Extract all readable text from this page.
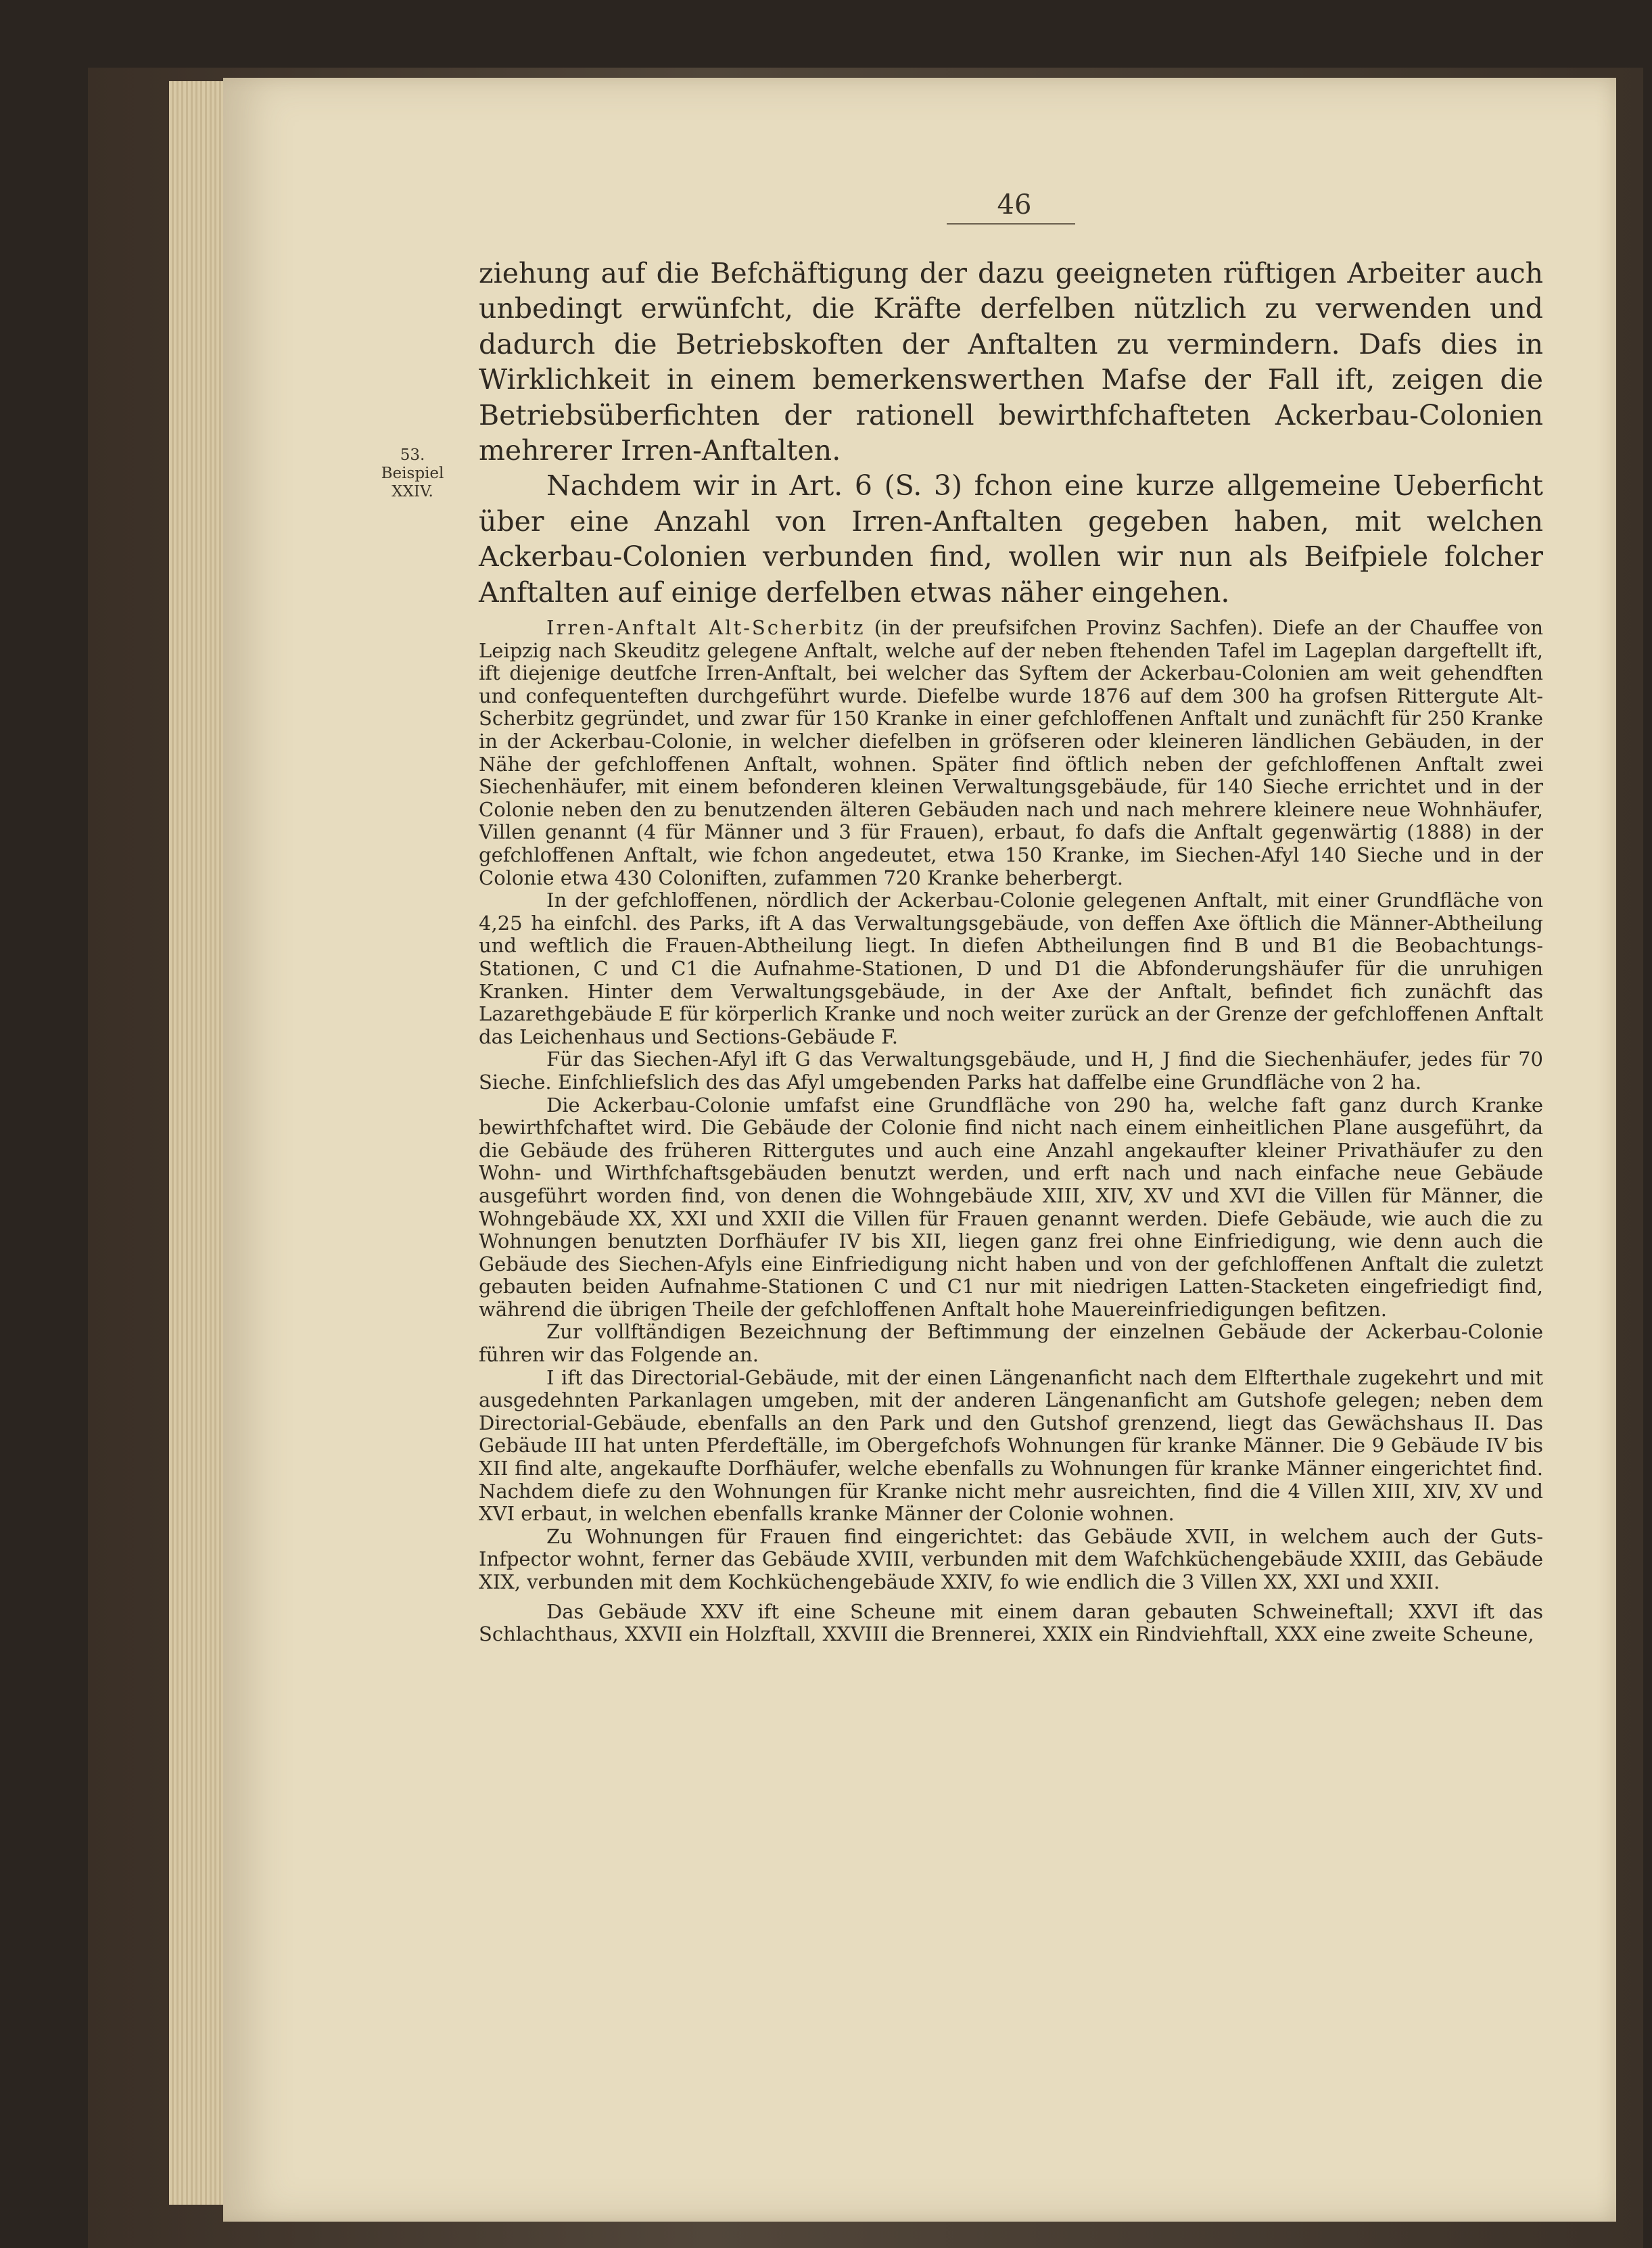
46
53.
Beispiel
XXIV.

ziehung auf die Befchäftigung der dazu geeigneten rüftigen Arbeiter auch unbedingt erwünfcht, die Kräfte derfelben nützlich zu verwenden und dadurch die Betriebskoften der Anftalten zu vermindern. Dafs dies in Wirklichkeit in einem bemerkenswerthen Mafse der Fall ift, zeigen die Betriebsüberfichten der rationell bewirthfchafteten Ackerbau-Colonien mehrerer Irren-Anftalten.

Nachdem wir in Art. 6 (S. 3) fchon eine kurze allgemeine Ueberficht über eine Anzahl von Irren-Anftalten gegeben haben, mit welchen Ackerbau-Colonien verbunden find, wollen wir nun als Beifpiele folcher Anftalten auf einige derfelben etwas näher eingehen.

Irren-Anftalt Alt-Scherbitz (in der preufsifchen Provinz Sachfen). Diefe an der Chauffee von Leipzig nach Skeuditz gelegene Anftalt, welche auf der neben ftehenden Tafel im Lageplan dargeftellt ift, ift diejenige deutfche Irren-Anftalt, bei welcher das Syftem der Ackerbau-Colonien am weit gehendften und confequenteften durchgeführt wurde. Diefelbe wurde 1876 auf dem 300 ha grofsen Rittergute Alt-Scherbitz gegründet, und zwar für 150 Kranke in einer gefchloffenen Anftalt und zunächft für 250 Kranke in der Ackerbau-Colonie, in welcher diefelben in gröfseren oder kleineren ländlichen Gebäuden, in der Nähe der gefchloffenen Anftalt, wohnen. Später find öftlich neben der gefchloffenen Anftalt zwei Siechenhäufer, mit einem befonderen kleinen Verwaltungsgebäude, für 140 Sieche errichtet und in der Colonie neben den zu benutzenden älteren Gebäuden nach und nach mehrere kleinere neue Wohnhäufer, Villen genannt (4 für Männer und 3 für Frauen), erbaut, fo dafs die Anftalt gegenwärtig (1888) in der gefchloffenen Anftalt, wie fchon angedeutet, etwa 150 Kranke, im Siechen-Afyl 140 Sieche und in der Colonie etwa 430 Coloniften, zufammen 720 Kranke beherbergt.

In der gefchloffenen, nördlich der Ackerbau-Colonie gelegenen Anftalt, mit einer Grundfläche von 4,25 ha einfchl. des Parks, ift A das Verwaltungsgebäude, von deffen Axe öftlich die Männer-Abtheilung und weftlich die Frauen-Abtheilung liegt. In diefen Abtheilungen find B und B1 die Beobachtungs-Stationen, C und C1 die Aufnahme-Stationen, D und D1 die Abfonderungshäufer für die unruhigen Kranken. Hinter dem Verwaltungsgebäude, in der Axe der Anftalt, befindet fich zunächft das Lazarethgebäude E für körperlich Kranke und noch weiter zurück an der Grenze der gefchloffenen Anftalt das Leichenhaus und Sections-Gebäude F.

Für das Siechen-Afyl ift G das Verwaltungsgebäude, und H, J find die Siechenhäufer, jedes für 70 Sieche. Einfchliefslich des das Afyl umgebenden Parks hat daffelbe eine Grundfläche von 2 ha.

Die Ackerbau-Colonie umfafst eine Grundfläche von 290 ha, welche faft ganz durch Kranke bewirthfchaftet wird. Die Gebäude der Colonie find nicht nach einem einheitlichen Plane ausgeführt, da die Gebäude des früheren Rittergutes und auch eine Anzahl angekaufter kleiner Privathäufer zu den Wohn- und Wirthfchaftsgebäuden benutzt werden, und erft nach und nach einfache neue Gebäude ausgeführt worden find, von denen die Wohngebäude XIII, XIV, XV und XVI die Villen für Männer, die Wohngebäude XX, XXI und XXII die Villen für Frauen genannt werden. Diefe Gebäude, wie auch die zu Wohnungen benutzten Dorfhäufer IV bis XII, liegen ganz frei ohne Einfriedigung, wie denn auch die Gebäude des Siechen-Afyls eine Einfriedigung nicht haben und von der gefchloffenen Anftalt die zuletzt gebauten beiden Aufnahme-Stationen C und C1 nur mit niedrigen Latten-Stacketen eingefriedigt find, während die übrigen Theile der gefchloffenen Anftalt hohe Mauereinfriedigungen befitzen.

Zur vollftändigen Bezeichnung der Beftimmung der einzelnen Gebäude der Ackerbau-Colonie führen wir das Folgende an.

I ift das Directorial-Gebäude, mit der einen Längenanficht nach dem Elfterthale zugekehrt und mit ausgedehnten Parkanlagen umgeben, mit der anderen Längenanficht am Gutshofe gelegen; neben dem Directorial-Gebäude, ebenfalls an den Park und den Gutshof grenzend, liegt das Gewächshaus II. Das Gebäude III hat unten Pferdeftälle, im Obergefchofs Wohnungen für kranke Männer. Die 9 Gebäude IV bis XII find alte, angekaufte Dorfhäufer, welche ebenfalls zu Wohnungen für kranke Männer eingerichtet find. Nachdem diefe zu den Wohnungen für Kranke nicht mehr ausreichten, find die 4 Villen XIII, XIV, XV und XVI erbaut, in welchen ebenfalls kranke Männer der Colonie wohnen.

Zu Wohnungen für Frauen find eingerichtet: das Gebäude XVII, in welchem auch der Guts-Infpector wohnt, ferner das Gebäude XVIII, verbunden mit dem Wafchküchengebäude XXIII, das Gebäude XIX, verbunden mit dem Kochküchengebäude XXIV, fo wie endlich die 3 Villen XX, XXI und XXII.

Das Gebäude XXV ift eine Scheune mit einem daran gebauten Schweineftall; XXVI ift das Schlachthaus, XXVII ein Holzftall, XXVIII die Brennerei, XXIX ein Rindviehftall, XXX eine zweite Scheune,
